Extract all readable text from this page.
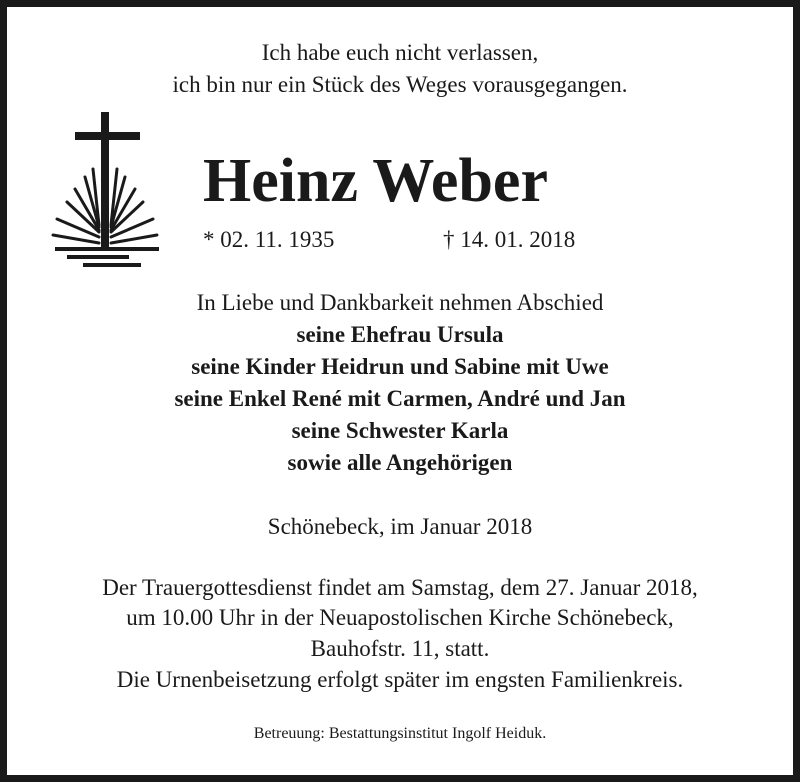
Ich habe euch nicht verlassen,
ich bin nur ein Stück des Weges vorausgegangen.
Heinz Weber
* 02. 11. 1935	† 14. 01. 2018
In Liebe und Dankbarkeit nehmen Abschied
seine Ehefrau Ursula
seine Kinder Heidrun und Sabine mit Uwe
seine Enkel René mit Carmen, André und Jan
seine Schwester Karla
sowie alle Angehörigen
Schönebeck, im Januar 2018
Der Trauergottesdienst findet am Samstag, dem 27. Januar 2018,
um 10.00 Uhr in der Neuapostolischen Kirche Schönebeck,
Bauhofstr. 11, statt.
Die Urnenbeisetzung erfolgt später im engsten Familienkreis.
Betreuung: Bestattungsinstitut Ingolf Heiduk.
